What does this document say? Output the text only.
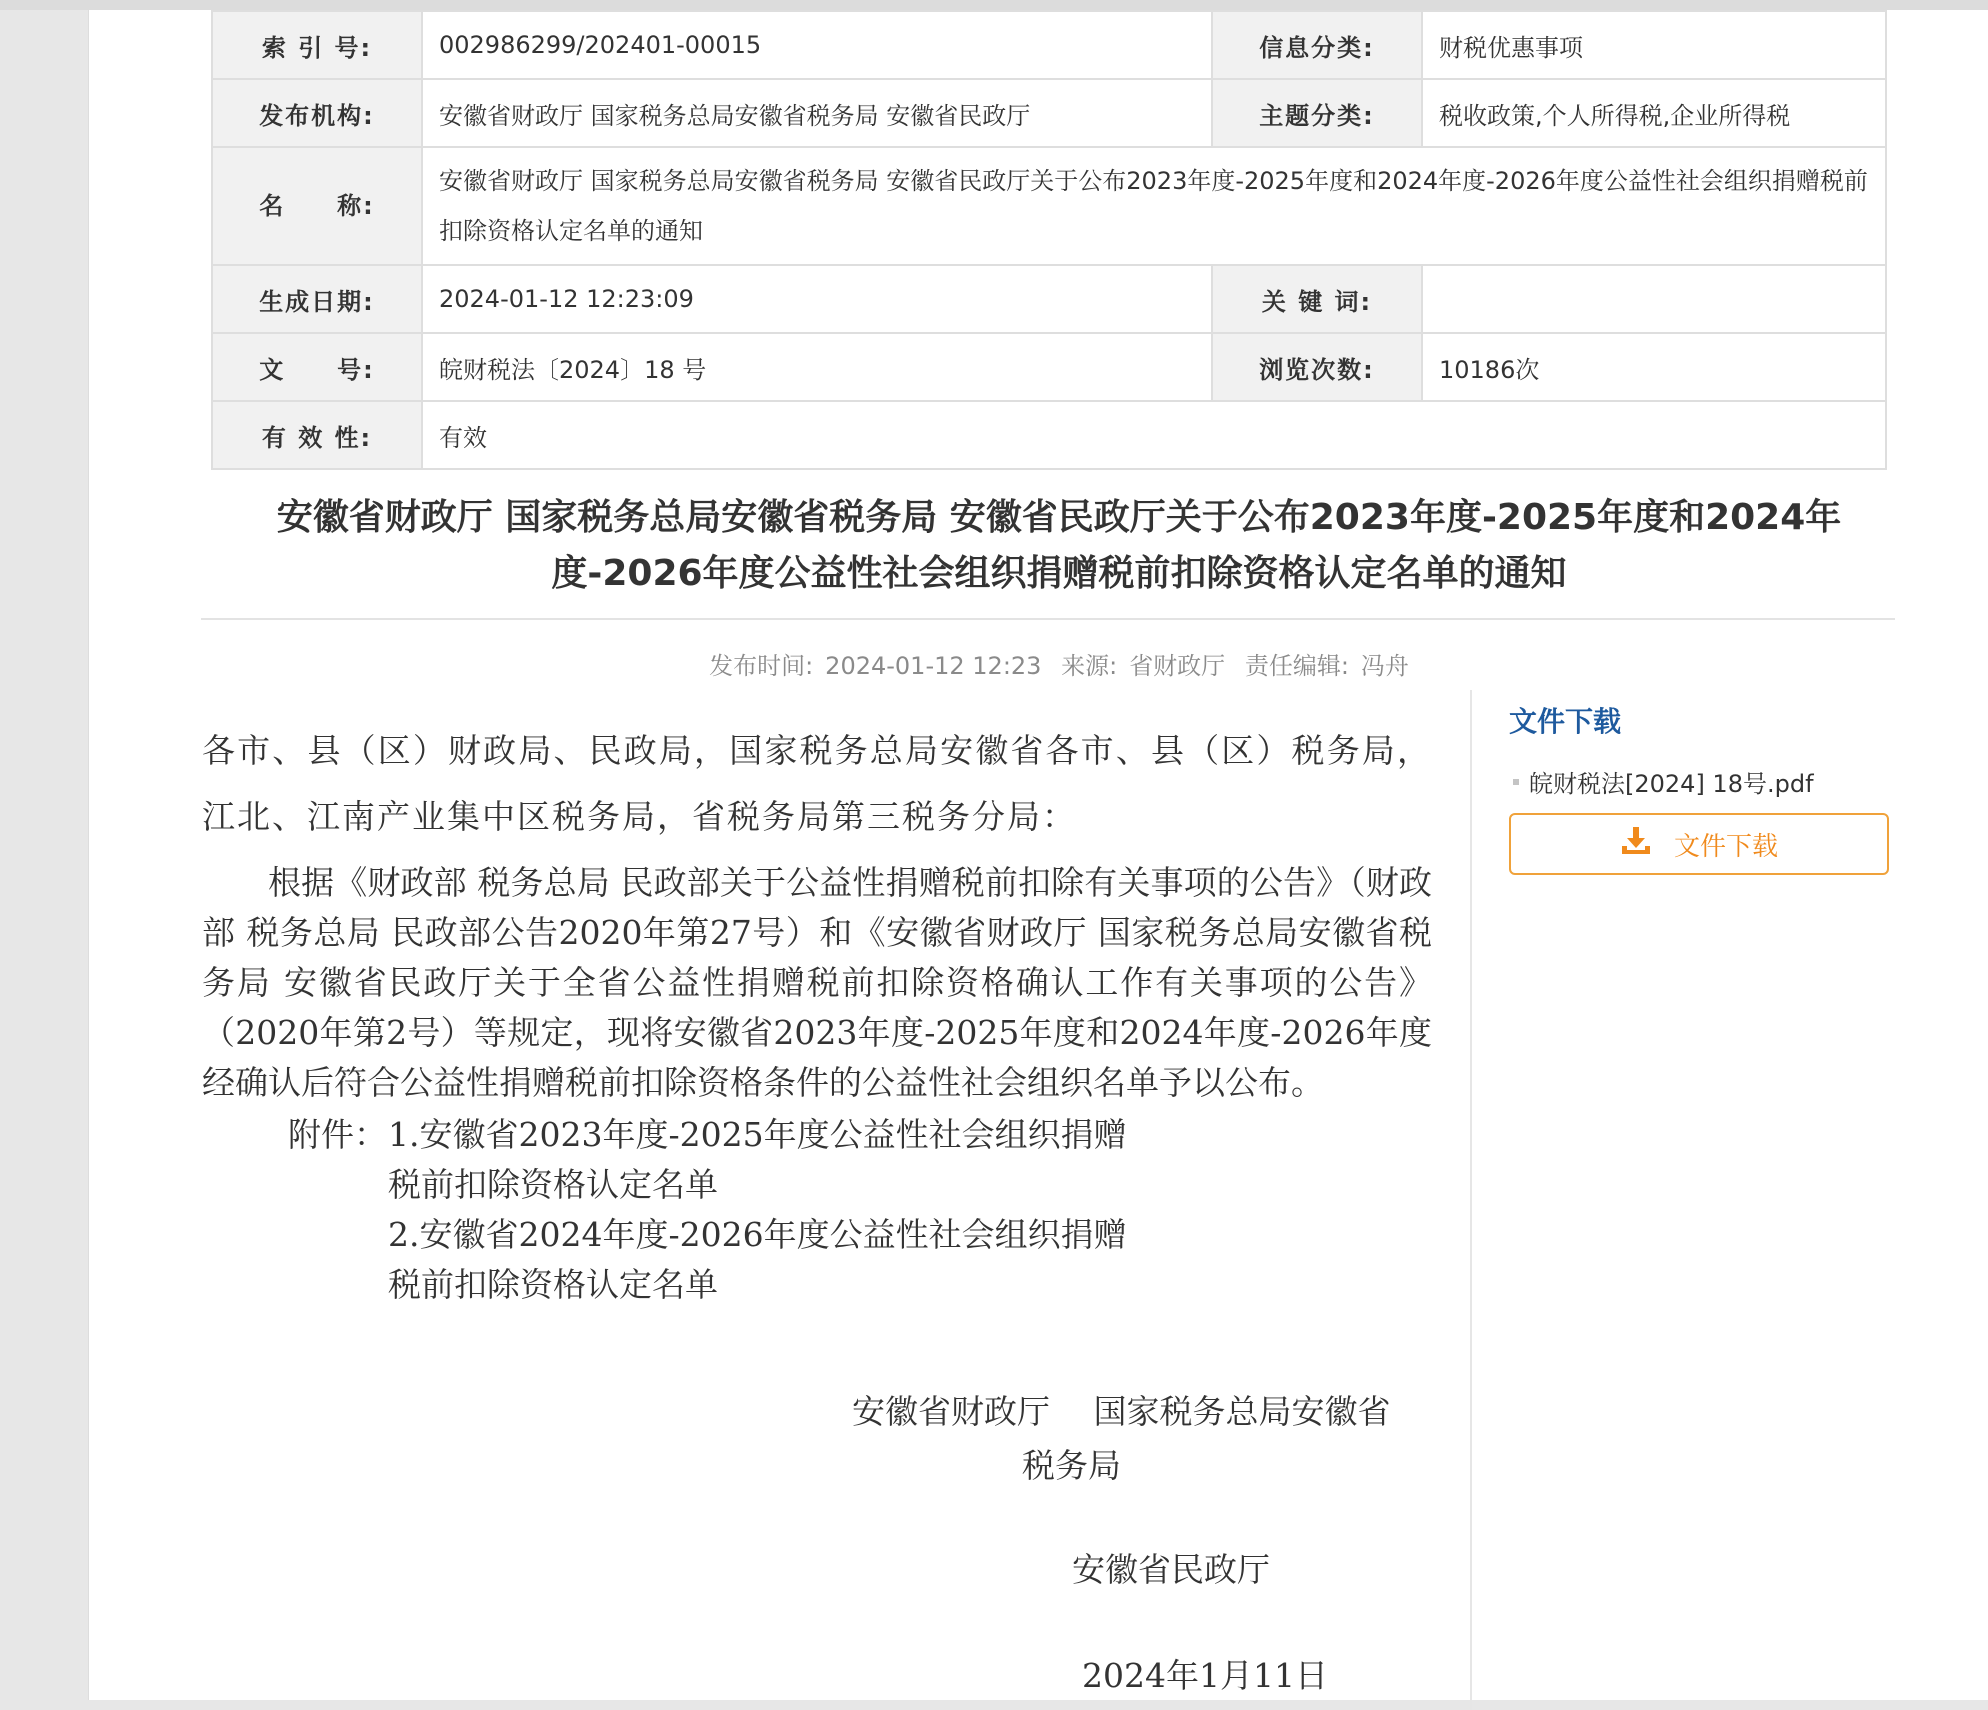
索 引 号:	002986299/202401-00015	信息分类:	财税优惠事项
发布机构:	安徽省财政厅 国家税务总局安徽省税务局 安徽省民政厅	主题分类:	税收政策,个人所得税,企业所得税
名　　称:	安徽省财政厅 国家税务总局安徽省税务局 安徽省民政厅关于公布2023年度-2025年度和2024年度-2026年度公益性社会组织捐赠税前扣除资格认定名单的通知		
生成日期:	2024-01-12 12:23:09	关 键 词:	
文　　号:	皖财税法〔2024〕18 号	浏览次数:	10186次
有 效 性:	有效		
安徽省财政厅 国家税务总局安徽省税务局 安徽省民政厅关于公布2023年度-2025年度和2024年度-2026年度公益性社会组织捐赠税前扣除资格认定名单的通知
发布时间: 2024-01-12 12:23 来源: 省财政厅 责任编辑: 冯舟
各市、县（区）财政局、民政局，国家税务总局安徽省各市、县（区）税务局，江北、江南产业集中区税务局，省税务局第三税务分局：
根据《财政部 税务总局 民政部关于公益性捐赠税前扣除有关事项的公告》（财政部 税务总局 民政部公告2020年第27号）和《安徽省财政厅 国家税务总局安徽省税务局 安徽省民政厅关于全省公益性捐赠税前扣除资格确认工作有关事项的公告》（2020年第2号）等规定，现将安徽省2023年度-2025年度和2024年度-2026年度经确认后符合公益性捐赠税前扣除资格条件的公益性社会组织名单予以公布。
附件： 1.安徽省2023年度-2025年度公益性社会组织捐赠
税前扣除资格认定名单
2.安徽省2024年度-2026年度公益性社会组织捐赠
税前扣除资格认定名单
安徽省财政厅　 国家税务总局安徽省
税务局
安徽省民政厅
2024年1月11日
文件下载
皖财税法[2024] 18号.pdf
文件下载
